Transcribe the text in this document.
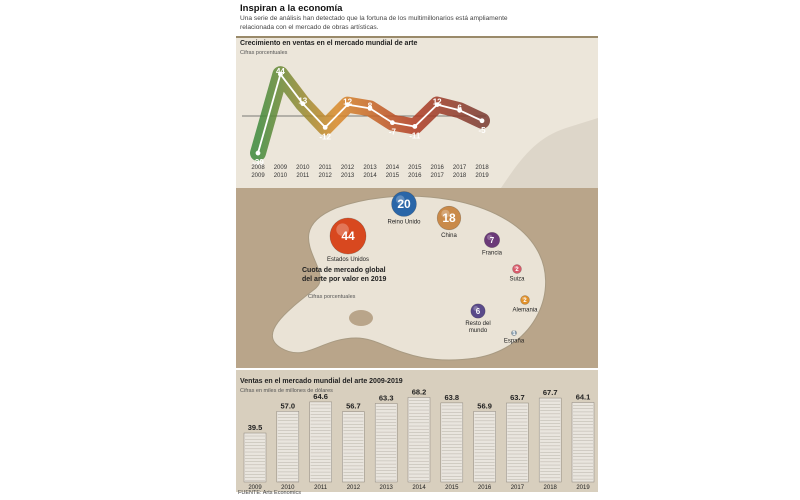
Inspiran a la economía
Una serie de análisis han detectado que la fortuna de los multimillonarios está ampliamente relacionada con el mercado de obras artísticas.
Crecimiento en ventas en el mercado mundial de arte
Cifras porcentuales
-39
44
13
-12
12 8
-7 -11
12
6
-5
2008 2009 2010 2011 2012 2013 2014 2015 2016 2017 2018
2009 2010 2011 2012 2013 2014 2015 2016 2017 2018 2019
44
Estados Unidos
20
Reino Unido 18
China	7
Francia
2
Suiza
2
Alemania
6
Resto del
mundo	1
España
Cuota de mercado global del arte por valor en 2019
Cifras porcentuales
Ventas en el mercado mundial del arte 2009-2019
Cifras en miles de millones de dólares
39.5
2009
57.0
2010
64.6
2011
56.7
2012
63.3
2013
68.2
2014
63.8
2015
56.9
2016
63.7
2017
67.7
2018
64.1
2019
FUENTE: Arts Economics
